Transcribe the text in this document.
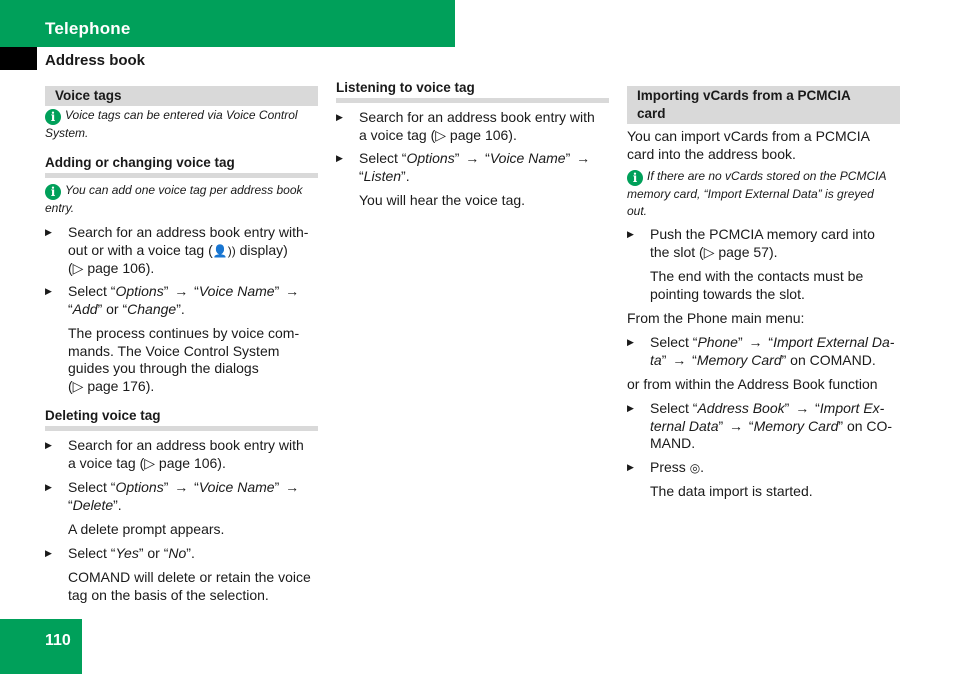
Telephone
Address book
Voice tags
i Voice tags can be entered via Voice Control System.
Adding or changing voice tag
i You can add one voice tag per address book entry.
▶ Search for an address book entry with-
out or with a voice tag (👤)) display)
(▷ page 106).
▶ Select “Options” → “Voice Name” →
“Add” or “Change”.
The process continues by voice com-
mands. The Voice Control System
guides you through the dialogs
(▷ page 176).
Deleting voice tag
▶ Search for an address book entry with
a voice tag (▷ page 106).
▶ Select “Options” → “Voice Name” →
“Delete”.
A delete prompt appears.
▶ Select “Yes” or “No”.
COMAND will delete or retain the voice
tag on the basis of the selection.
Listening to voice tag
▶ Search for an address book entry with
a voice tag (▷ page 106).
▶ Select “Options” → “Voice Name” →
“Listen”.
You will hear the voice tag.
Importing vCards from a PCMCIA
card
You can import vCards from a PCMCIA
card into the address book.
i If there are no vCards stored on the PCMCIA
memory card, “Import External Data” is greyed
out.
▶ Push the PCMCIA memory card into
the slot (▷ page 57).
The end with the contacts must be
pointing towards the slot.
From the Phone main menu:
▶ Select “Phone” → “Import External Da-
ta” → “Memory Card” on COMAND.
or from within the Address Book function
▶ Select “Address Book” → “Import Ex-
ternal Data” → “Memory Card” on CO-
MAND.
▶ Press ◎.
The data import is started.
110
